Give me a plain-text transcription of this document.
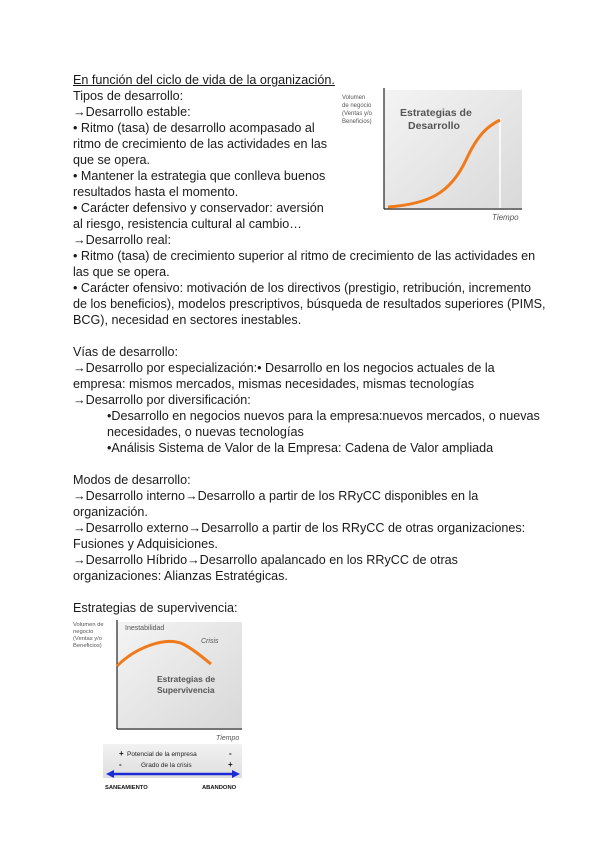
En función del ciclo de vida de la organización.
Tipos de desarrollo:
→Desarrollo estable:
• Ritmo (tasa) de desarrollo acompasado al
ritmo de crecimiento de las actividades en las
que se opera.
• Mantener la estrategia que conlleva buenos
resultados hasta el momento.
• Carácter defensivo y conservador: aversión
al riesgo, resistencia cultural al cambio…
→Desarrollo real:
• Ritmo (tasa) de crecimiento superior al ritmo de crecimiento de las actividades en
las que se opera.
• Carácter ofensivo: motivación de los directivos (prestigio, retribución, incremento
de los beneficios), modelos prescriptivos, búsqueda de resultados superiores (PIMS,
BCG), necesidad en sectores inestables.
Vías de desarrollo:
→Desarrollo por especialización:• Desarrollo en los negocios actuales de la
empresa: mismos mercados, mismas necesidades, mismas tecnologías
→Desarrollo por diversificación:
•Desarrollo en negocios nuevos para la empresa:nuevos mercados, o nuevas
necesidades, o nuevas tecnologías
•Análisis Sistema de Valor de la Empresa: Cadena de Valor ampliada
Modos de desarrollo:
→Desarrollo interno→Desarrollo a partir de los RRyCC disponibles en la
organización.
→Desarrollo externo→Desarrollo a partir de los RRyCC de otras organizaciones:
Fusiones y Adquisiciones.
→Desarrollo Híbrido→Desarrollo apalancado en los RRyCC de otras
organizaciones: Alianzas Estratégicas.
Estrategias de supervivencia:
Estrategias de
Desarrollo
Volumen
de negocio
(Ventas y/o
Beneficios)
Tiempo
Volumen de
negocio
(Ventas y/o
Beneficios)
Inestabilidad
Crisis
Estrategias de
Supervivencia
Tiempo
+ Potencial de la empresa	-
-	Grado de la crisis	+
SANEAMIENTO	ABANDONO
